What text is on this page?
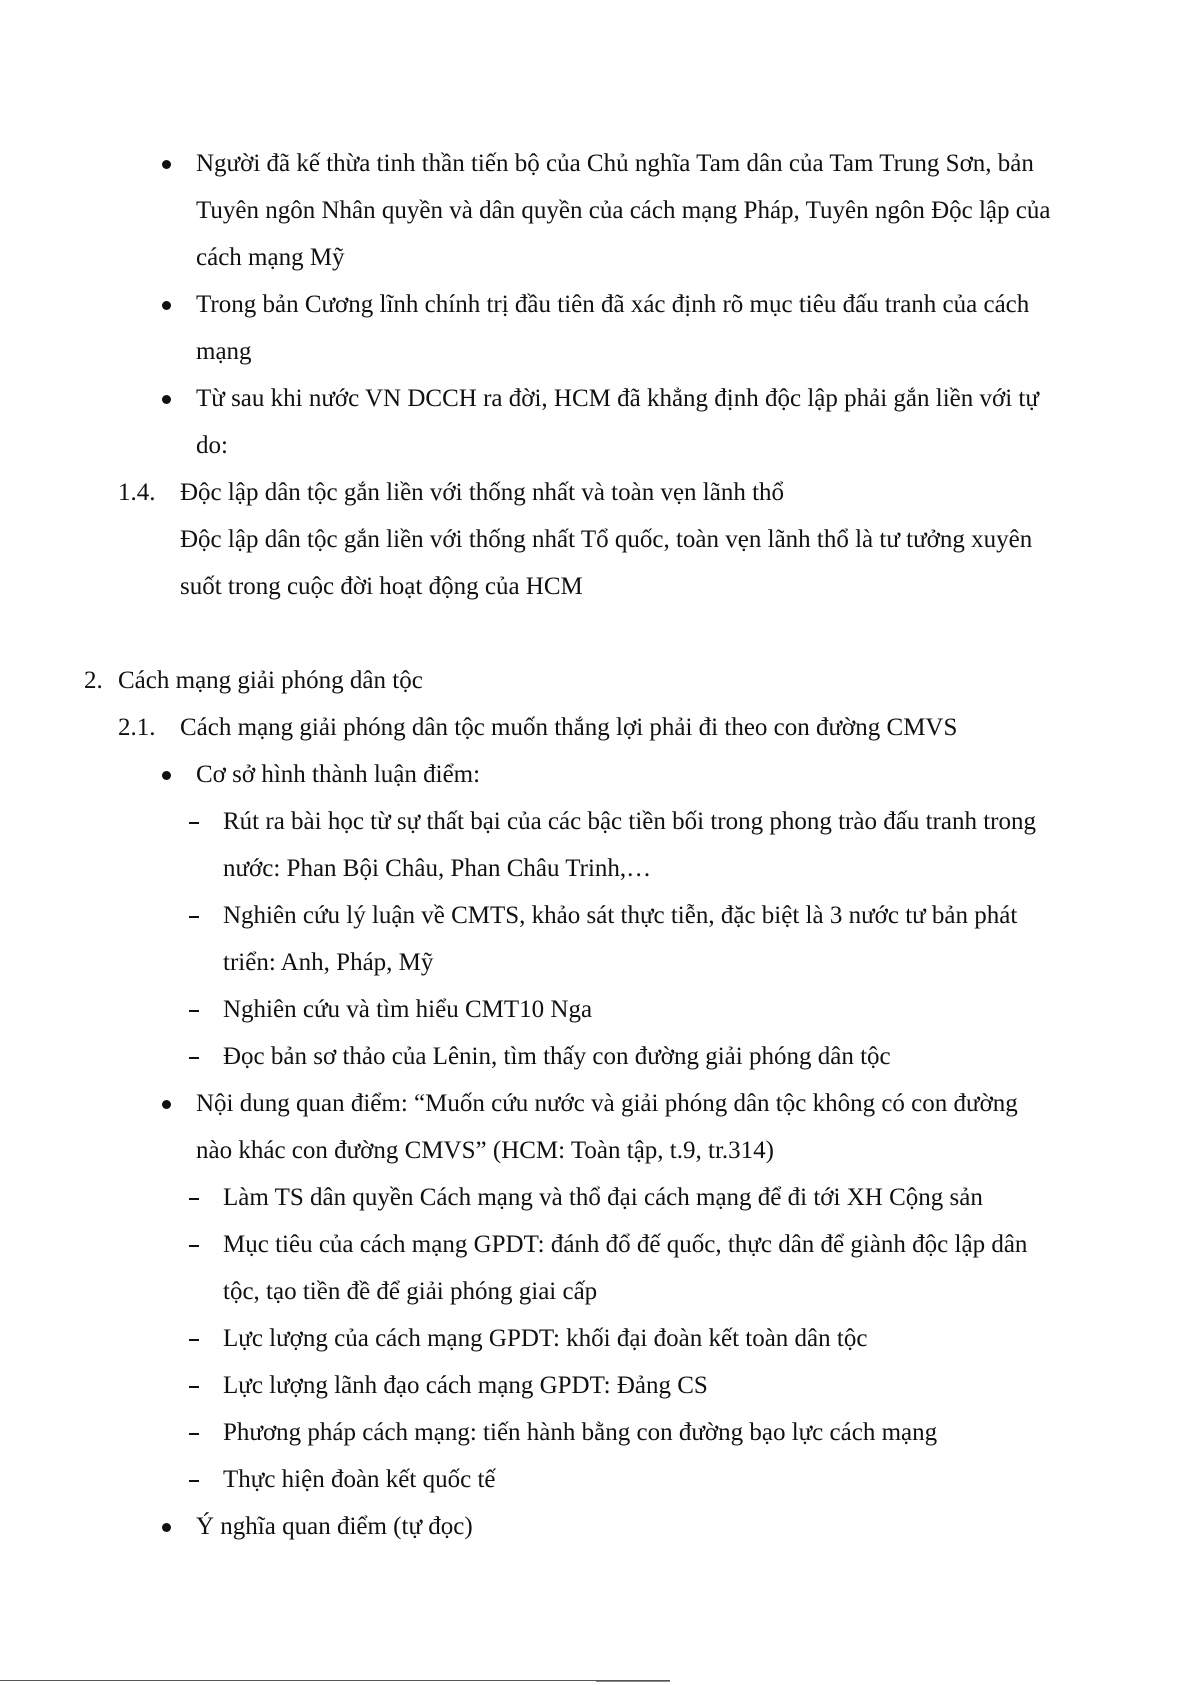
Người đã kế thừa tinh thần tiến bộ của Chủ nghĩa Tam dân của Tam Trung Sơn, bản
Tuyên ngôn Nhân quyền và dân quyền của cách mạng Pháp, Tuyên ngôn Độc lập của
cách mạng Mỹ
Trong bản Cương lĩnh chính trị đầu tiên đã xác định rõ mục tiêu đấu tranh của cách
mạng
Từ sau khi nước VN DCCH ra đời, HCM đã khẳng định độc lập phải gắn liền với tự
do:
1.4. Độc lập dân tộc gắn liền với thống nhất và toàn vẹn lãnh thổ
Độc lập dân tộc gắn liền với thống nhất Tổ quốc, toàn vẹn lãnh thổ là tư tưởng xuyên
suốt trong cuộc đời hoạt động của HCM
2. Cách mạng giải phóng dân tộc
2.1. Cách mạng giải phóng dân tộc muốn thắng lợi phải đi theo con đường CMVS
Cơ sở hình thành luận điểm:
Rút ra bài học từ sự thất bại của các bậc tiền bối trong phong trào đấu tranh trong
nước: Phan Bội Châu, Phan Châu Trinh,…
Nghiên cứu lý luận về CMTS, khảo sát thực tiễn, đặc biệt là 3 nước tư bản phát
triển: Anh, Pháp, Mỹ
Nghiên cứu và tìm hiểu CMT10 Nga
Đọc bản sơ thảo của Lênin, tìm thấy con đường giải phóng dân tộc
Nội dung quan điểm: “Muốn cứu nước và giải phóng dân tộc không có con đường
nào khác con đường CMVS” (HCM: Toàn tập, t.9, tr.314)
Làm TS dân quyền Cách mạng và thổ đại cách mạng để đi tới XH Cộng sản
Mục tiêu của cách mạng GPDT: đánh đổ đế quốc, thực dân để giành độc lập dân
tộc, tạo tiền đề để giải phóng giai cấp
Lực lượng của cách mạng GPDT: khối đại đoàn kết toàn dân tộc
Lực lượng lãnh đạo cách mạng GPDT: Đảng CS
Phương pháp cách mạng: tiến hành bằng con đường bạo lực cách mạng
Thực hiện đoàn kết quốc tế
Ý nghĩa quan điểm (tự đọc)
